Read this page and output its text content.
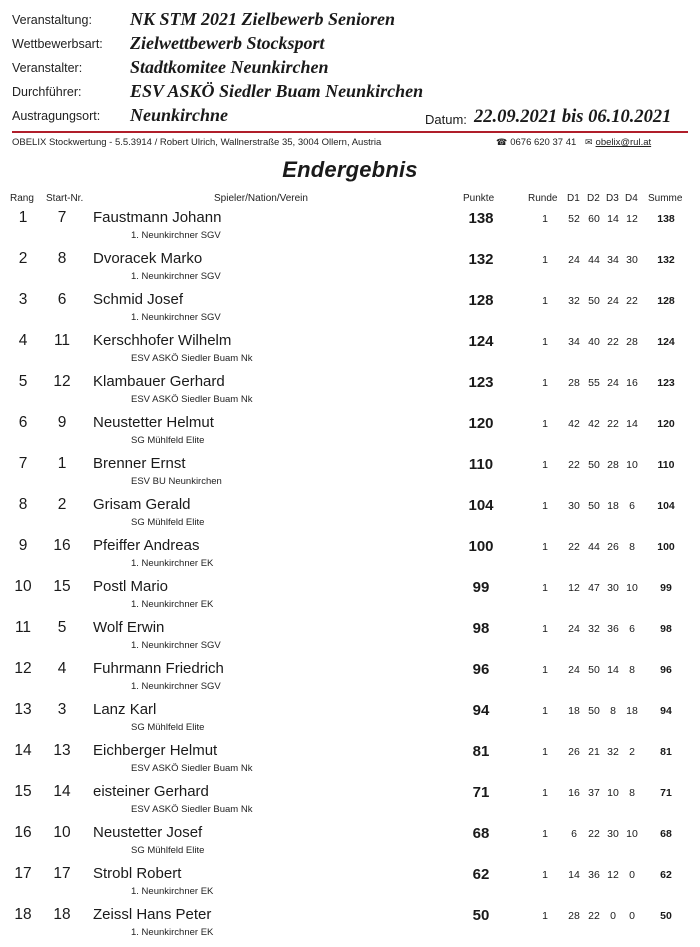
Veranstaltung: NK STM 2021 Zielbewerb Senioren
Wettbewerbsart: Zielwettbewerb Stocksport
Veranstalter:	Stadtkomitee Neunkirchen
Durchführer:	ESV ASKÖ Siedler Buam Neunkirchen
Austragungsort: Neunkirchne	Datum: 22.09.2021 bis 06.10.2021
OBELIX Stockwertung - 5.5.3914 / Robert Ulrich, Wallnerstraße 35, 3004 Ollern, Austria	☎ 0676 620 37 41 ✉ obelix@rul.at
Endergebnis
Rang Start-Nr.	Spieler/Nation/Verein	Punkte	Runde D1 D2 D3 D4 Summe
1	7	Faustmann Johann
1. Neunkirchner SGV
138	1	52 60 14 12	138
2	8	Dvoracek Marko
1. Neunkirchner SGV
132	1	24 44 34 30	132
3	6	Schmid Josef
1. Neunkirchner SGV
128	1	32 50 24 22	128
4	11	Kerschhofer Wilhelm
ESV ASKÖ Siedler Buam Nk
124	1	34 40 22 28	124
5	12 Klambauer Gerhard
ESV ASKÖ Siedler Buam Nk
123	1	28 55 24 16	123
6	9	Neustetter Helmut
SG Mühlfeld Elite
120	1	42 42 22 14	120
7	1	Brenner Ernst
ESV BU Neunkirchen
110	1	22 50 28 10	110
8	2	Grisam Gerald
SG Mühlfeld Elite
104	1	30 50 18 6	104
9	16 Pfeiffer Andreas
1. Neunkirchner EK
100	1	22 44 26 8	100
10 15 Postl Mario
1. Neunkirchner EK
99	1	12 47 30 10	99
11	5	Wolf Erwin
1. Neunkirchner SGV
98	1	24 32 36 6	98
12	4	Fuhrmann Friedrich
1. Neunkirchner SGV
96	1	24 50 14 8	96
13	3	Lanz Karl
SG Mühlfeld Elite
94	1	18 50 8 18	94
14 13 Eichberger Helmut
ESV ASKÖ Siedler Buam Nk
81	1	26 21 32 2	81
15 14 eisteiner Gerhard
ESV ASKÖ Siedler Buam Nk
71	1	16 37 10 8	71
16 10 Neustetter Josef
SG Mühlfeld Elite
68	1	6	22 30 10	68
17 17 Strobl Robert
1. Neunkirchner EK
62	1	14 36 12 0	62
18 18 Zeissl Hans Peter
1. Neunkirchner EK
50	1	28 22 0	0	50
